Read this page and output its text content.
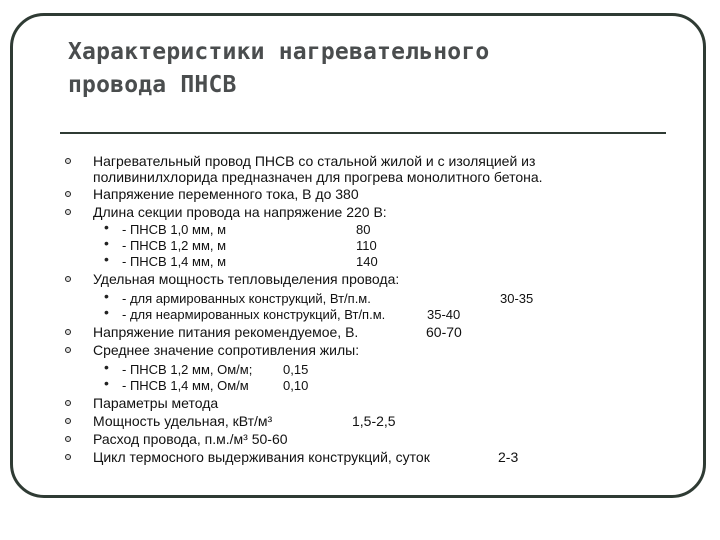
Характеристики нагревательного
провода ПНСВ
Нагревательный провод ПНСВ со стальной жилой и с изоляцией из
поливинилхлорида предназначен для прогрева монолитного бетона.
Напряжение переменного тока, В до 380
Длина секции провода на напряжение 220 В:
• - ПНСВ 1,0 мм, м	80
• - ПНСВ 1,2 мм, м	110
• - ПНСВ 1,4 мм, м	140
Удельная мощность тепловыделения провода:
• - для армированных конструкций, Вт/п.м.	30-35
• - для неармированных конструкций, Вт/п.м.	35-40
Напряжение питания рекомендуемое, В.	60-70
Среднее значение сопротивления жилы:
• - ПНСВ 1,2 мм, Ом/м; 0,15
• - ПНСВ 1,4 мм, Ом/м	0,10
Параметры метода
Мощность удельная, кВт/м³	1,5-2,5
Расход провода, п.м./м³ 50-60
Цикл термосного выдерживания конструкций, суток	2-3
